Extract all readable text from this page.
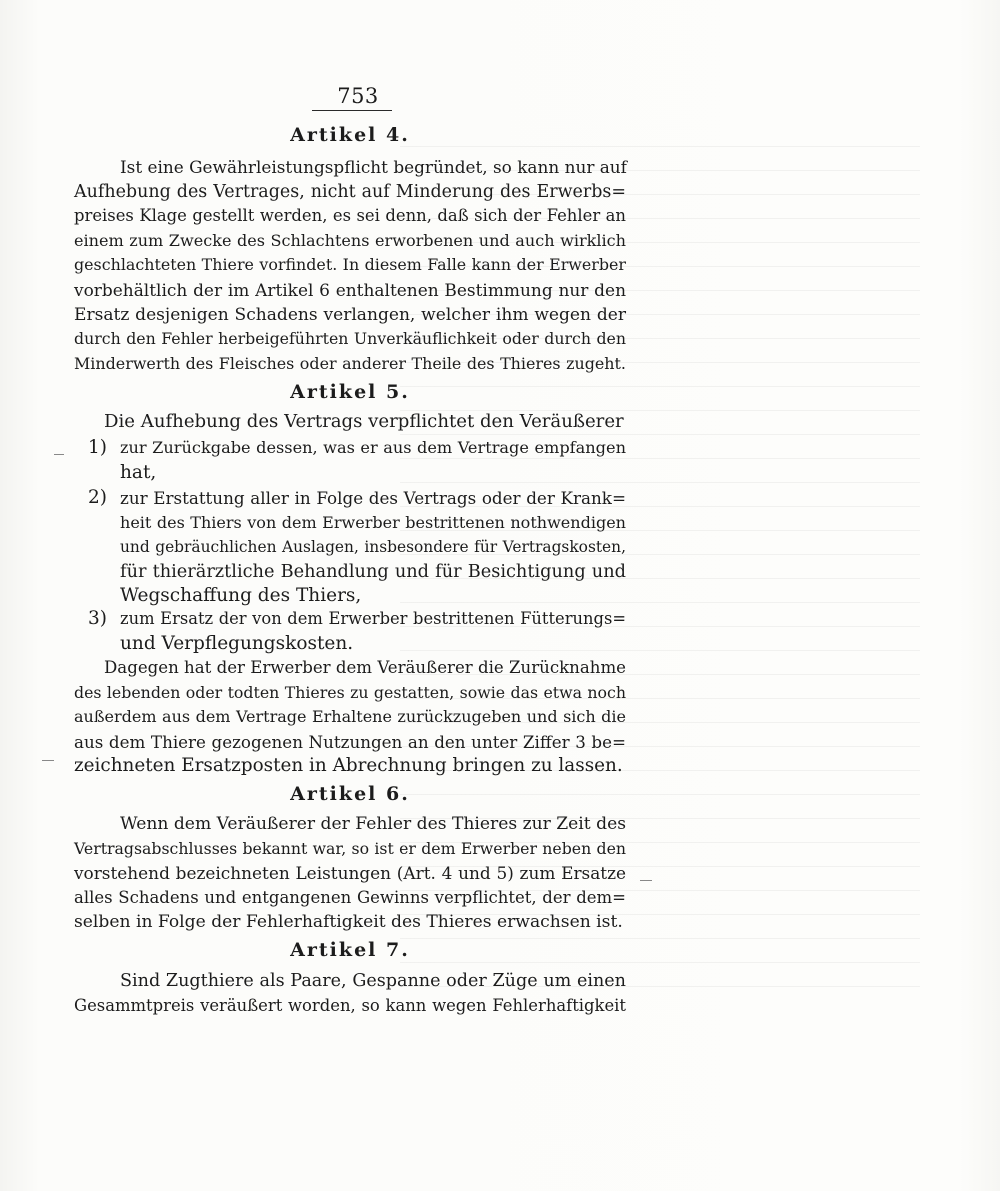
753
Artikel 4.
Ist eine Gewährleistungspflicht begründet, so kann nur auf
Aufhebung des Vertrages, nicht auf Minderung des Erwerbs=
preises Klage gestellt werden, es sei denn, daß sich der Fehler an
einem zum Zwecke des Schlachtens erworbenen und auch wirklich
geschlachteten Thiere vorfindet. In diesem Falle kann der Erwerber
vorbehältlich der im Artikel 6 enthaltenen Bestimmung nur den
Ersatz desjenigen Schadens verlangen, welcher ihm wegen der
durch den Fehler herbeigeführten Unverkäuflichkeit oder durch den
Minderwerth des Fleisches oder anderer Theile des Thieres zugeht.
Artikel 5.
Die Aufhebung des Vertrags verpflichtet den Veräußerer
1) zur Zurückgabe dessen, was er aus dem Vertrage empfangen
hat,
2) zur Erstattung aller in Folge des Vertrags oder der Krank=
heit des Thiers von dem Erwerber bestrittenen nothwendigen
und gebräuchlichen Auslagen, insbesondere für Vertragskosten,
für thierärztliche Behandlung und für Besichtigung und
Wegschaffung des Thiers,
3) zum Ersatz der von dem Erwerber bestrittenen Fütterungs=
und Verpflegungskosten.
Dagegen hat der Erwerber dem Veräußerer die Zurücknahme
des lebenden oder todten Thieres zu gestatten, sowie das etwa noch
außerdem aus dem Vertrage Erhaltene zurückzugeben und sich die
aus dem Thiere gezogenen Nutzungen an den unter Ziffer 3 be=
zeichneten Ersatzposten in Abrechnung bringen zu lassen.
Artikel 6.
Wenn dem Veräußerer der Fehler des Thieres zur Zeit des
Vertragsabschlusses bekannt war, so ist er dem Erwerber neben den
vorstehend bezeichneten Leistungen (Art. 4 und 5) zum Ersatze
alles Schadens und entgangenen Gewinns verpflichtet, der dem=
selben in Folge der Fehlerhaftigkeit des Thieres erwachsen ist.
Artikel 7.
Sind Zugthiere als Paare, Gespanne oder Züge um einen
Gesammtpreis veräußert worden, so kann wegen Fehlerhaftigkeit
